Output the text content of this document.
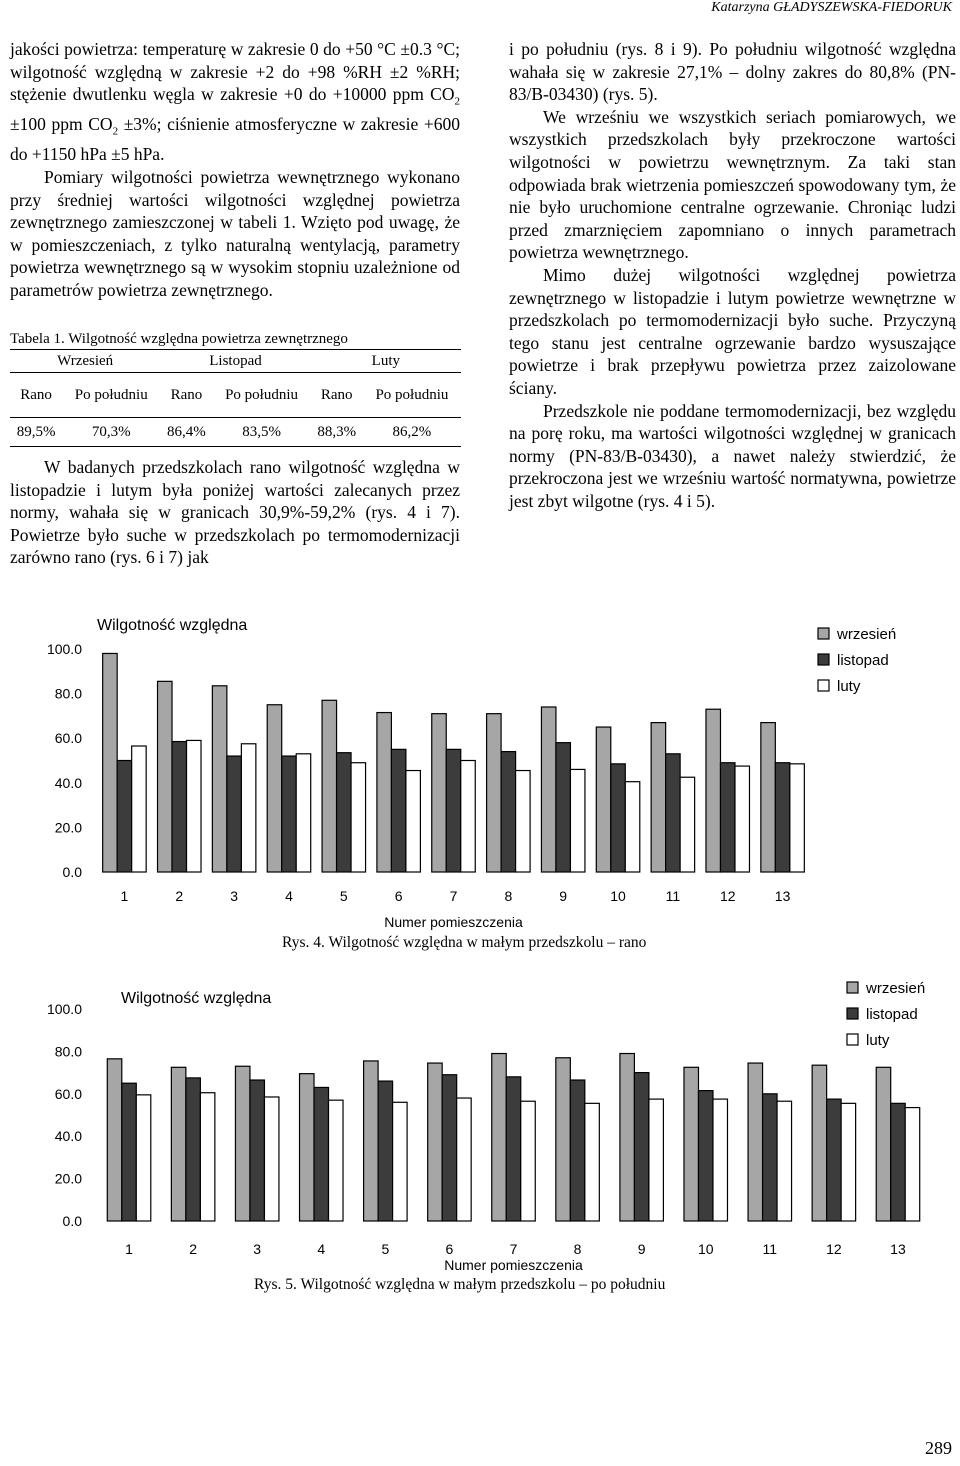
Katarzyna GŁADYSZEWSKA-FIEDORUK

jakości powietrza: temperaturę w zakresie 0 do +50 °C ±0.3 °C; wilgotność względną w zakresie +2 do +98 %RH ±2 %RH; stężenie dwutlenku węgla w zakresie +0 do +10000 ppm $CO_2 \pm 100$ ppm $CO_2 \pm 3\%$; ciśnienie atmosferyczne w zakresie +600 do +1150 hPa ±5 hPa.

Pomiary wilgotności powietrza wewnętrznego wykonano przy średniej wartości wilgotności względnej powietrza zewnętrznego zamieszczonej w tabeli 1. Wzięto pod uwagę, że w pomieszczeniach, z tylko naturalną wentylacją, parametry powietrza wewnętrznego są w wysokim stopniu uzależnione od parametrów powietrza zewnętrznego.

Tabela 1. Wilgotność względna powietrza zewnętrznego
Wrzesień		Listopad		Luty	
Rano	Po południu	Rano	Po południu	Rano	Po południu
89,5%	70,3%	86,4%	83,5%	88,3%	86,2%

W badanych przedszkolach rano wilgotność względna w listopadzie i lutym była poniżej wartości zalecanych przez normy, wahała się w granicach 30,9%-59,2% (rys. 4 i 7). Powietrze było suche w przedszkolach po termomodernizacji zarówno rano (rys. 6 i 7) jak

i po południu (rys. 8 i 9). Po południu wilgotność względna wahała się w zakresie 27,1% – dolny zakres do 80,8% (PN-83/B-03430) (rys. 5).

We wrześniu we wszystkich seriach pomiarowych, we wszystkich przedszkolach były przekroczone wartości wilgotności w powietrzu wewnętrznym. Za taki stan odpowiada brak wietrzenia pomieszczeń spowodowany tym, że nie było uruchomione centralne ogrzewanie. Chroniąc ludzi przed zmarznięciem zapomniano o innych parametrach powietrza wewnętrznego.

Mimo dużej wilgotności względnej powietrza zewnętrznego w listopadzie i lutym powietrze wewnętrzne w przedszkolach po termomodernizacji było suche. Przyczyną tego stanu jest centralne ogrzewanie bardzo wysuszające powietrze i brak przepływu powietrza przez zaizolowane ściany.

Przedszkole nie poddane termomodernizacji, bez względu na porę roku, ma wartości wilgotności względnej w granicach normy (PN-83/B-03430), a nawet należy stwierdzić, że przekroczona jest we wrześniu wartość normatywna, powietrze jest zbyt wilgotne (rys. 4 i 5).

Wilgotność względna
100.0
80.0
60.0
40.0
20.0
0.0
1	2	3	4	5	6	7	8	9	10	11	12	13
Numer pomieszczenia
wrzesień
listopad
luty
Rys. 4. Wilgotność względna w małym przedszkolu – rano
Wilgotność względna
100.0
80.0
60.0
40.0
20.0
0.0
1	2	3	4	5	6	7	8	9	10	11	12	13
Numer pomieszczenia
wrzesień
listopad
luty
Rys. 5. Wilgotność względna w małym przedszkolu – po południu
289
